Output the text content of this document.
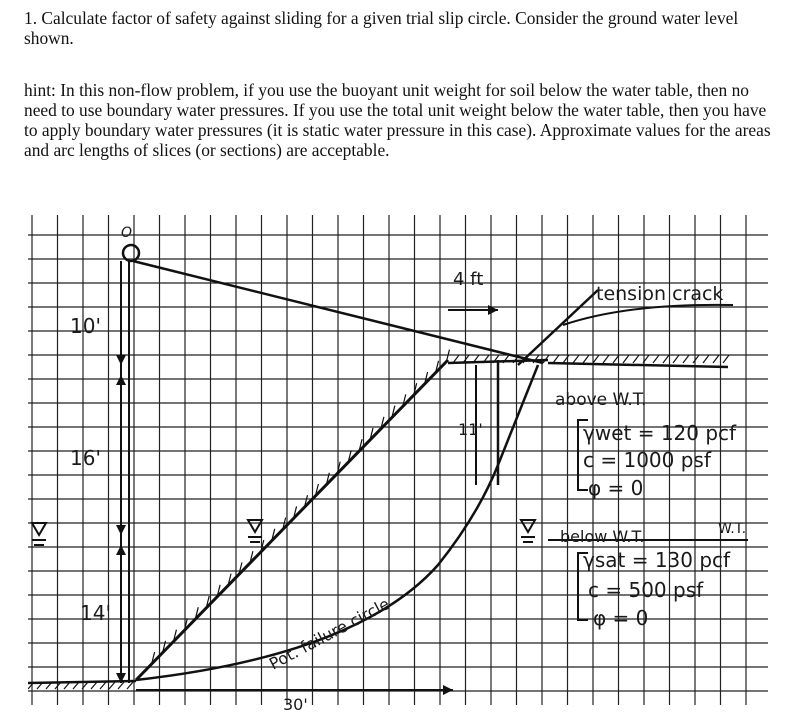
1. Calculate factor of safety against sliding for a given trial slip circle. Consider the ground water level shown.

hint: In this non-flow problem, if you use the buoyant unit weight for soil below the water table, then no need to use boundary water pressures. If you use the total unit weight below the water table, then you have to apply boundary water pressures (it is static water pressure in this case). Approximate values for the areas and arc lengths of slices (or sections) are acceptable.

O
10'
16'
14'
4 ft
11'
30'
tension crack
Pot. failure circle
above W.T.
γwet = 120 pcf
c = 1000 psf
φ = 0
below W.T.	W.T.
γsat = 130 pcf
c = 500 psf
φ = 0
